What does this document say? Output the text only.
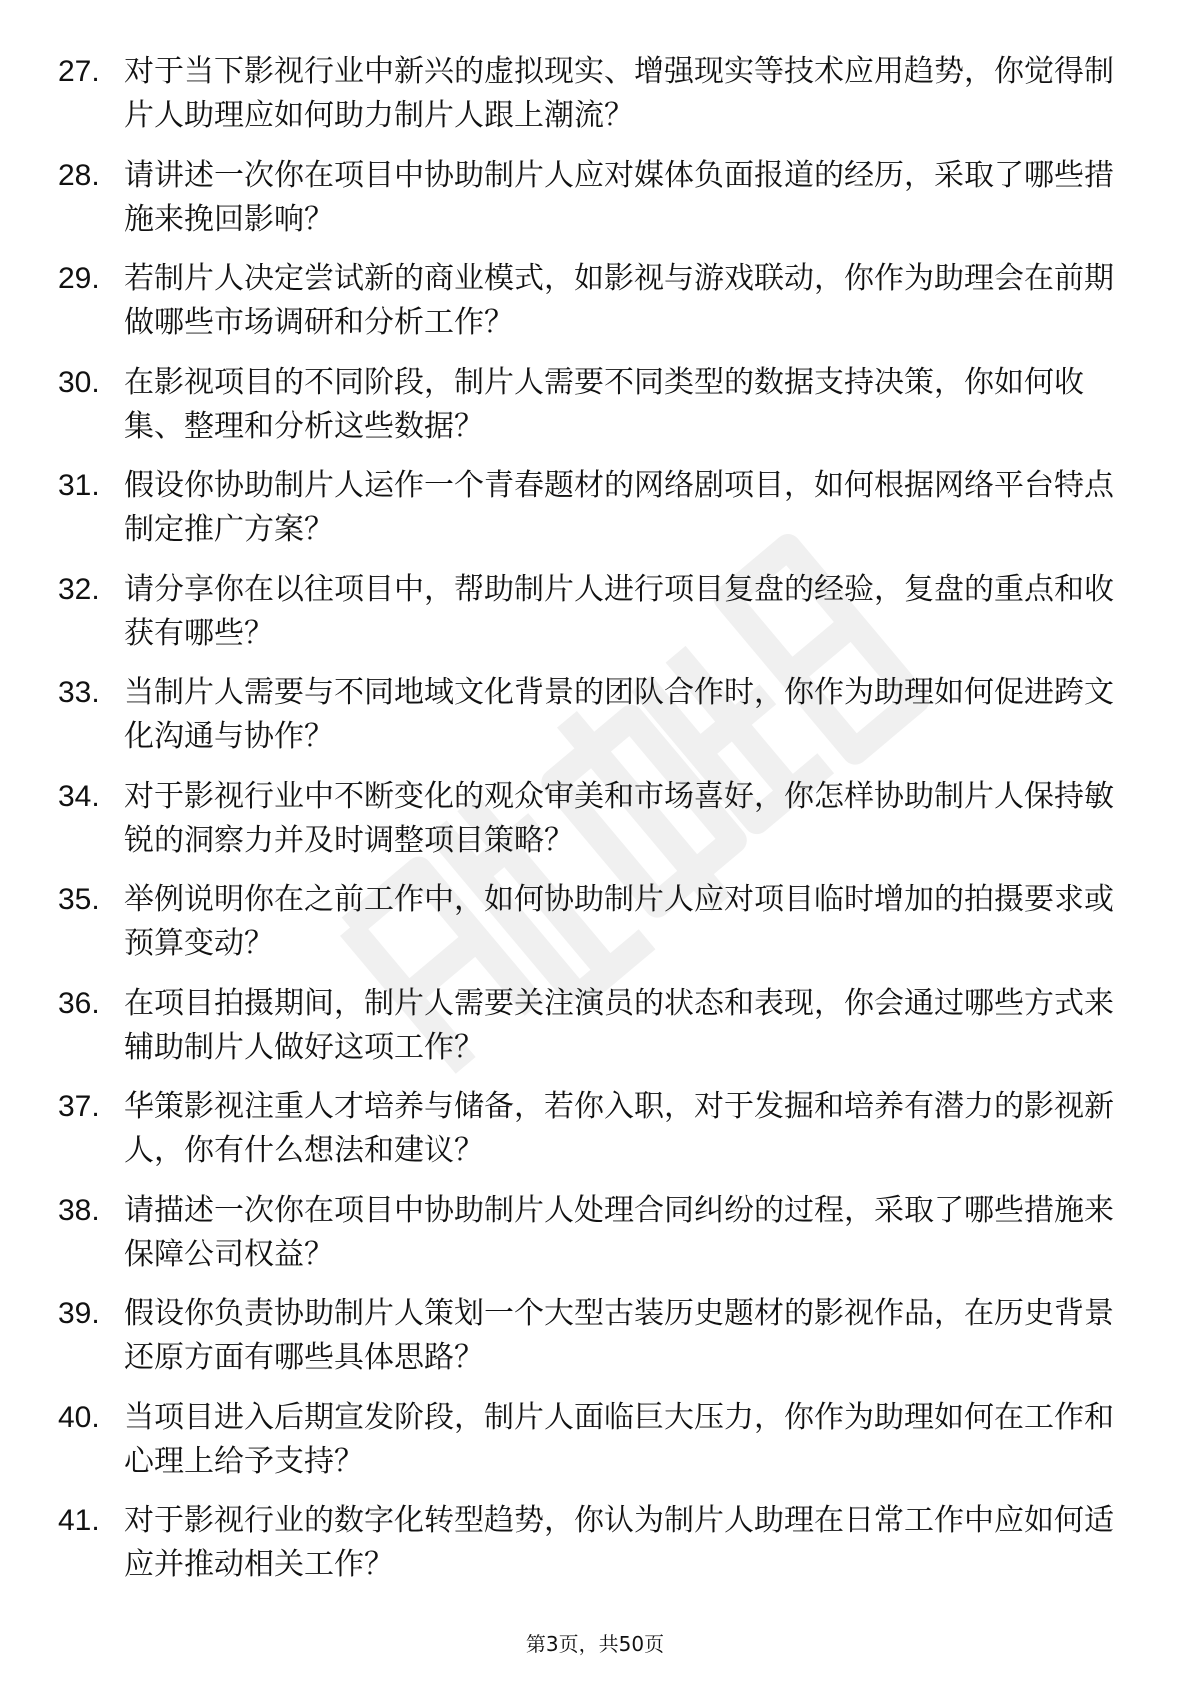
27. 对于当下影视行业中新兴的虚拟现实、增强现实等技术应用趋势，你觉得制片人助理应如何助力制片人跟上潮流？
28. 请讲述一次你在项目中协助制片人应对媒体负面报道的经历，采取了哪些措施来挽回影响？
29. 若制片人决定尝试新的商业模式，如影视与游戏联动，你作为助理会在前期做哪些市场调研和分析工作？
30. 在影视项目的不同阶段，制片人需要不同类型的数据支持决策，你如何收集、整理和分析这些数据？
31. 假设你协助制片人运作一个青春题材的网络剧项目，如何根据网络平台特点制定推广方案？
32. 请分享你在以往项目中，帮助制片人进行项目复盘的经验，复盘的重点和收获有哪些？
33. 当制片人需要与不同地域文化背景的团队合作时，你作为助理如何促进跨文化沟通与协作？
34. 对于影视行业中不断变化的观众审美和市场喜好，你怎样协助制片人保持敏锐的洞察力并及时调整项目策略？
35. 举例说明你在之前工作中，如何协助制片人应对项目临时增加的拍摄要求或预算变动？
36. 在项目拍摄期间，制片人需要关注演员的状态和表现，你会通过哪些方式来辅助制片人做好这项工作？
37. 华策影视注重人才培养与储备，若你入职，对于发掘和培养有潜力的影视新人，你有什么想法和建议？
38. 请描述一次你在项目中协助制片人处理合同纠纷的过程，采取了哪些措施来保障公司权益？
39. 假设你负责协助制片人策划一个大型古装历史题材的影视作品，在历史背景还原方面有哪些具体思路？
40. 当项目进入后期宣发阶段，制片人面临巨大压力，你作为助理如何在工作和心理上给予支持？
41. 对于影视行业的数字化转型趋势，你认为制片人助理在日常工作中应如何适应并推动相关工作？
第3页，共50页
